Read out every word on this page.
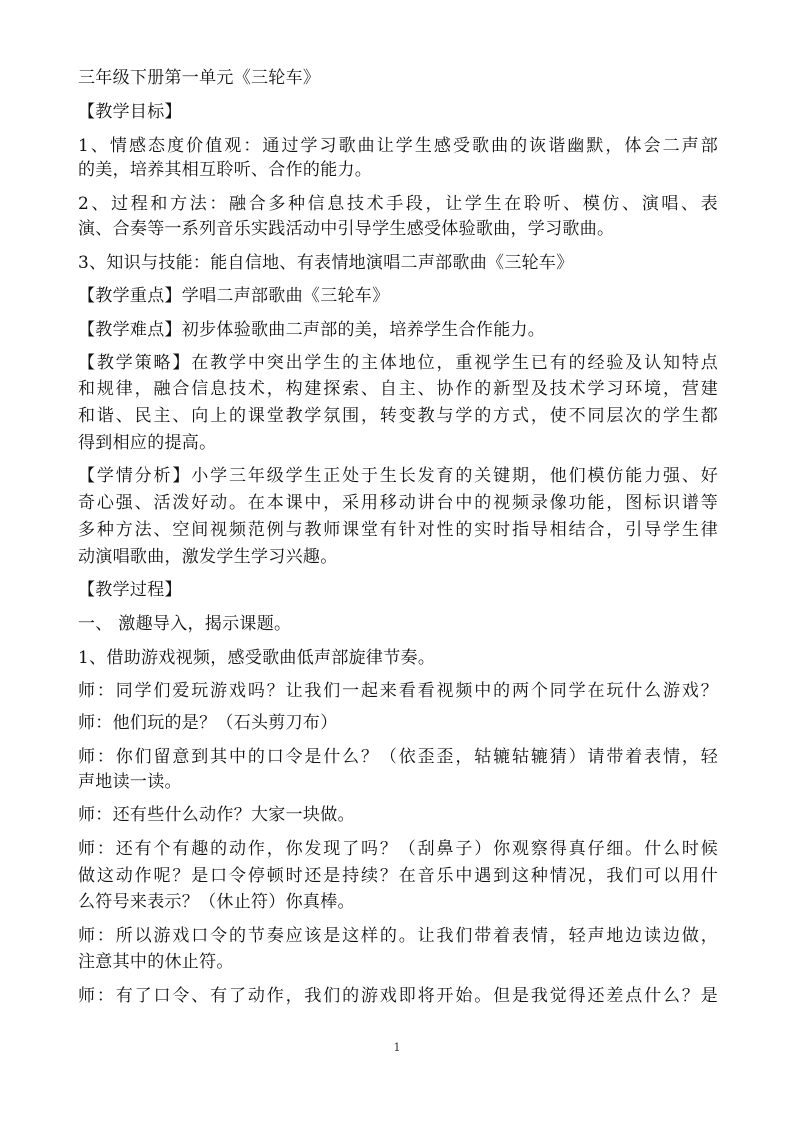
三年级下册第一单元《三轮车》
【教学目标】
1、情感态度价值观：通过学习歌曲让学生感受歌曲的诙谐幽默，体会二声部
的美，培养其相互聆听、合作的能力。
2、过程和方法：融合多种信息技术手段，让学生在聆听、模仿、演唱、表
演、合奏等一系列音乐实践活动中引导学生感受体验歌曲，学习歌曲。
3、知识与技能：能自信地、有表情地演唱二声部歌曲《三轮车》
【教学重点】学唱二声部歌曲《三轮车》
【教学难点】初步体验歌曲二声部的美，培养学生合作能力。
【教学策略】在教学中突出学生的主体地位，重视学生已有的经验及认知特点
和规律，融合信息技术，构建探索、自主、协作的新型及技术学习环境，营建
和谐、民主、向上的课堂教学氛围，转变教与学的方式，使不同层次的学生都
得到相应的提高。
【学情分析】小学三年级学生正处于生长发育的关键期，他们模仿能力强、好
奇心强、活泼好动。在本课中，采用移动讲台中的视频录像功能，图标识谱等
多种方法、空间视频范例与教师课堂有针对性的实时指导相结合，引导学生律
动演唱歌曲，激发学生学习兴趣。
【教学过程】
一、 激趣导入，揭示课题。
1、借助游戏视频，感受歌曲低声部旋律节奏。
师：同学们爱玩游戏吗？让我们一起来看看视频中的两个同学在玩什么游戏？
师：他们玩的是？（石头剪刀布）
师：你们留意到其中的口令是什么？（依歪歪，轱辘轱辘猜）请带着表情，轻
声地读一读。
师：还有些什么动作？大家一块做。
师：还有个有趣的动作，你发现了吗？（刮鼻子）你观察得真仔细。什么时候
做这动作呢？是口令停顿时还是持续？在音乐中遇到这种情况，我们可以用什
么符号来表示？（休止符）你真棒。
师：所以游戏口令的节奏应该是这样的。让我们带着表情，轻声地边读边做，
注意其中的休止符。
师：有了口令、有了动作，我们的游戏即将开始。但是我觉得还差点什么？是
1
